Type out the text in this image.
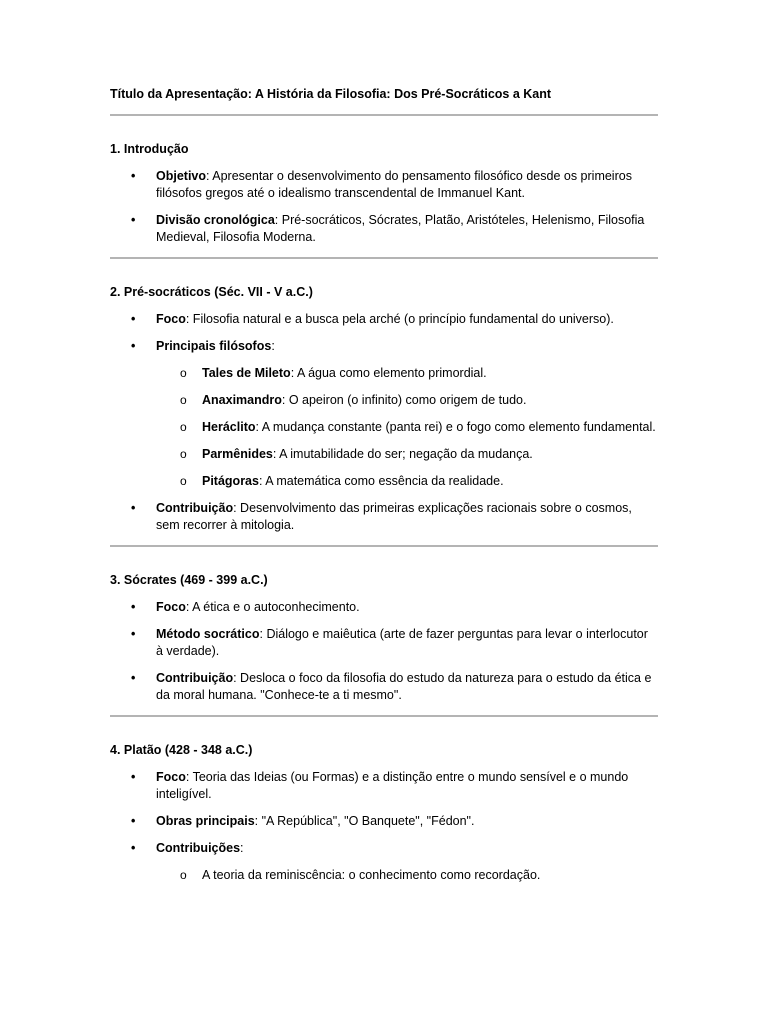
Título da Apresentação: A História da Filosofia: Dos Pré-Socráticos a Kant

1. Introdução
• Objetivo: Apresentar o desenvolvimento do pensamento filosófico desde os primeiros filósofos gregos até o idealismo transcendental de Immanuel Kant.
• Divisão cronológica: Pré-socráticos, Sócrates, Platão, Aristóteles, Helenismo, Filosofia Medieval, Filosofia Moderna.
2. Pré-socráticos (Séc. VII - V a.C.)
• Foco: Filosofia natural e a busca pela arché (o princípio fundamental do universo).
• Principais filósofos:
o Tales de Mileto: A água como elemento primordial.
o Anaximandro: O apeiron (o infinito) como origem de tudo.
o Heráclito: A mudança constante (panta rei) e o fogo como elemento fundamental.
o Parmênides: A imutabilidade do ser; negação da mudança.
o Pitágoras: A matemática como essência da realidade.
• Contribuição: Desenvolvimento das primeiras explicações racionais sobre o cosmos, sem recorrer à mitologia.
3. Sócrates (469 - 399 a.C.)
• Foco: A ética e o autoconhecimento.
• Método socrático: Diálogo e maiêutica (arte de fazer perguntas para levar o interlocutor à verdade).
• Contribuição: Desloca o foco da filosofia do estudo da natureza para o estudo da ética e da moral humana. "Conhece-te a ti mesmo".
4. Platão (428 - 348 a.C.)
• Foco: Teoria das Ideias (ou Formas) e a distinção entre o mundo sensível e o mundo inteligível.
• Obras principais: "A República", "O Banquete", "Fédon".
• Contribuições:
o A teoria da reminiscência: o conhecimento como recordação.
